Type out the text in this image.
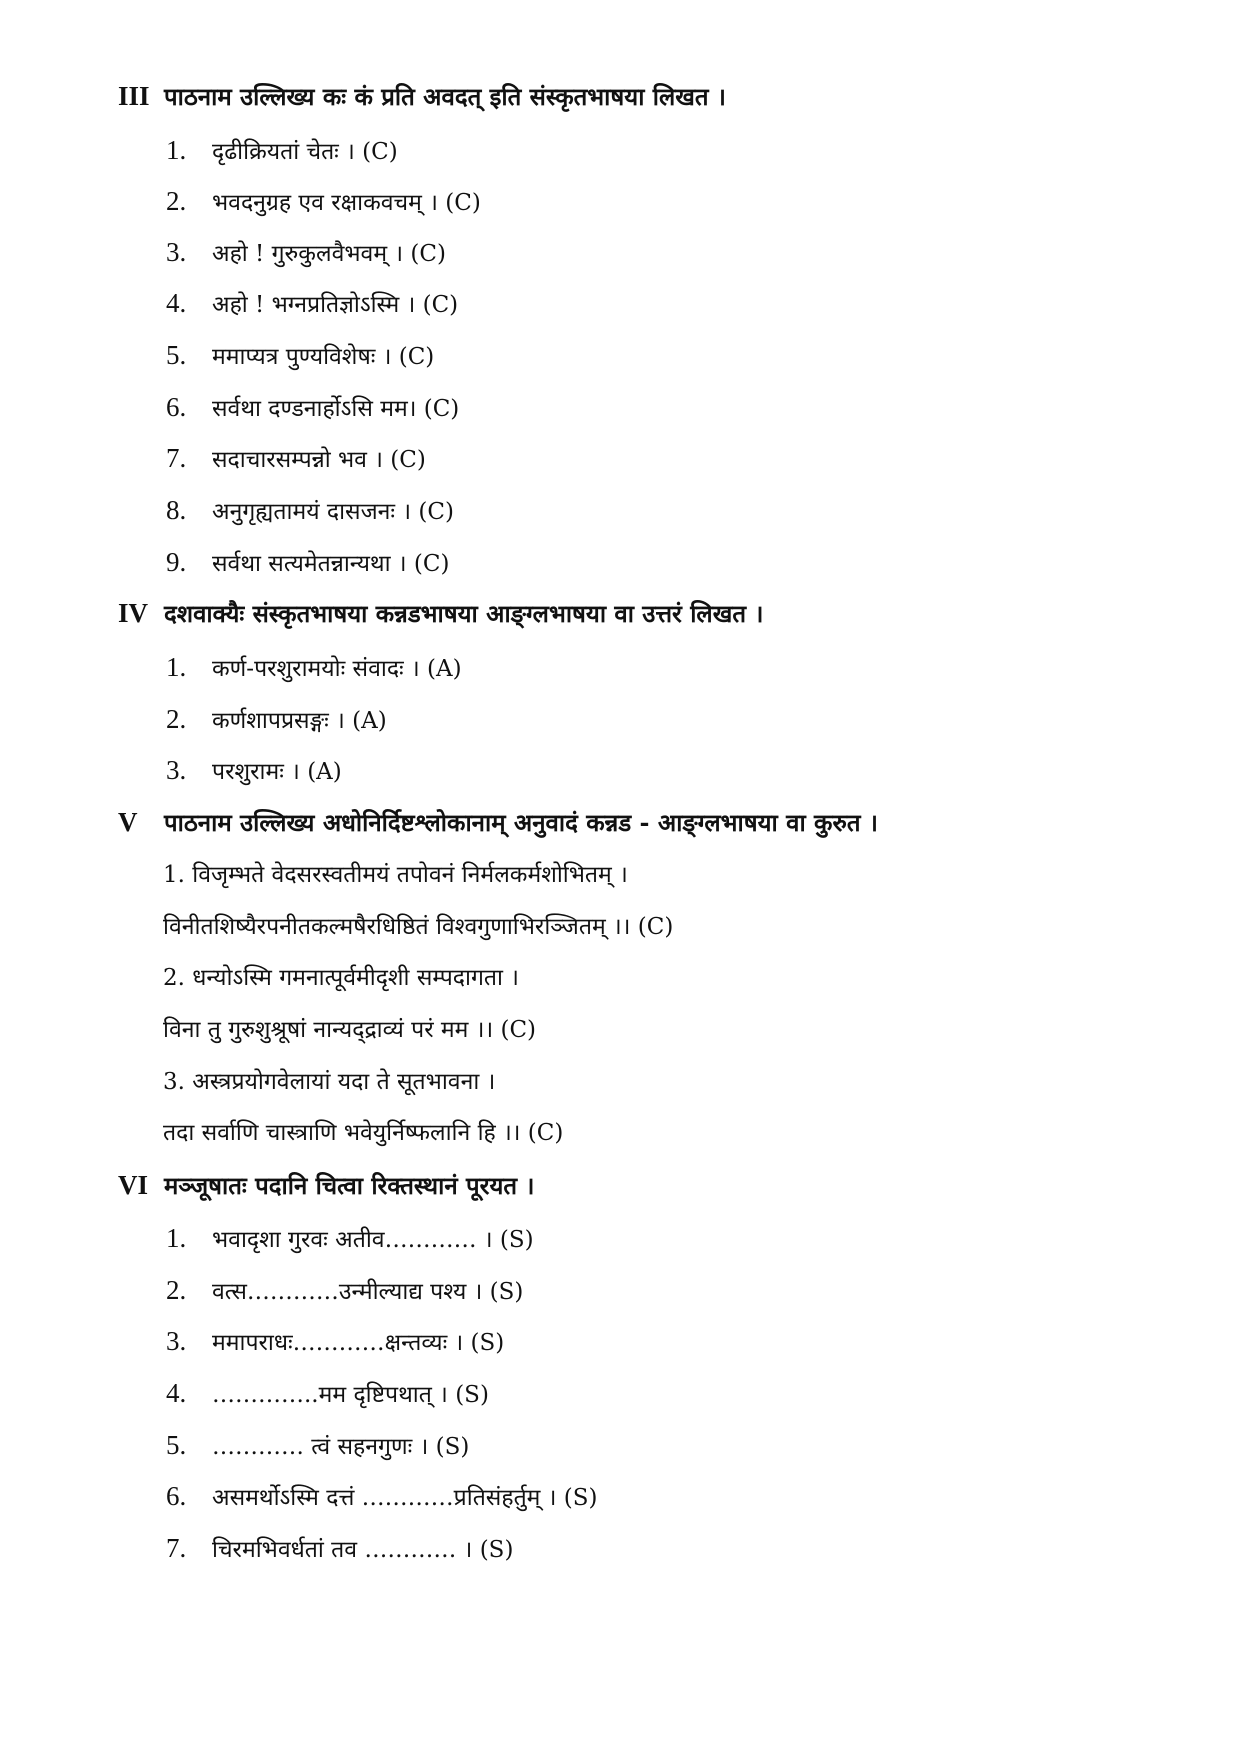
III पाठनाम उल्लिख्य कः कं प्रति अवदत् इति संस्कृतभाषया लिखत ।
1. दृढीक्रियतां चेतः । (C)
2. भवदनुग्रह एव रक्षाकवचम् । (C)
3. अहो ! गुरुकुलवैभवम् । (C)
4. अहो ! भग्नप्रतिज्ञोऽस्मि । (C)
5. ममाप्यत्र पुण्यविशेषः । (C)
6. सर्वथा दण्डनार्होऽसि मम। (C)
7. सदाचारसम्पन्नो भव । (C)
8. अनुगृह्यतामयं दासजनः । (C)
9. सर्वथा सत्यमेतन्नान्यथा । (C)
IV दशवाक्यैः संस्कृतभाषया कन्नडभाषया आङ्ग्लभाषया वा उत्तरं लिखत ।
1. कर्ण-परशुरामयोः संवादः । (A)
2. कर्णशापप्रसङ्गः । (A)
3. परशुरामः । (A)
V पाठनाम उल्लिख्य अधोनिर्दिष्टश्लोकानाम् अनुवादं कन्नड - आङ्ग्लभाषया वा कुरुत ।
1. विजृम्भते वेदसरस्वतीमयं तपोवनं निर्मलकर्मशोभितम् ।
विनीतशिष्यैरपनीतकल्मषैरधिष्ठितं विश्वगुणाभिरञ्जितम् ।। (C)
2. धन्योऽस्मि गमनात्पूर्वमीदृशी सम्पदागता ।
विना तु गुरुशुश्रूषां नान्यद्द्राव्यं परं मम ।। (C)
3. अस्त्रप्रयोगवेलायां यदा ते सूतभावना ।
तदा सर्वाणि चास्त्राणि भवेयुर्निष्फलानि हि ।। (C)
VI मञ्जूषातः पदानि चित्वा रिक्तस्थानं पूरयत ।
1. भवादृशा गुरवः अतीव………… । (S)
2. वत्स…………उन्मील्याद्य पश्य । (S)
3. ममापराधः…………क्षन्तव्यः । (S)
4. …………..मम दृष्टिपथात् । (S)
5. ………… त्वं सहनगुणः । (S)
6. असमर्थोऽस्मि दत्तं …………प्रतिसंहर्तुम् । (S)
7. चिरमभिवर्धतां तव ………… । (S)
